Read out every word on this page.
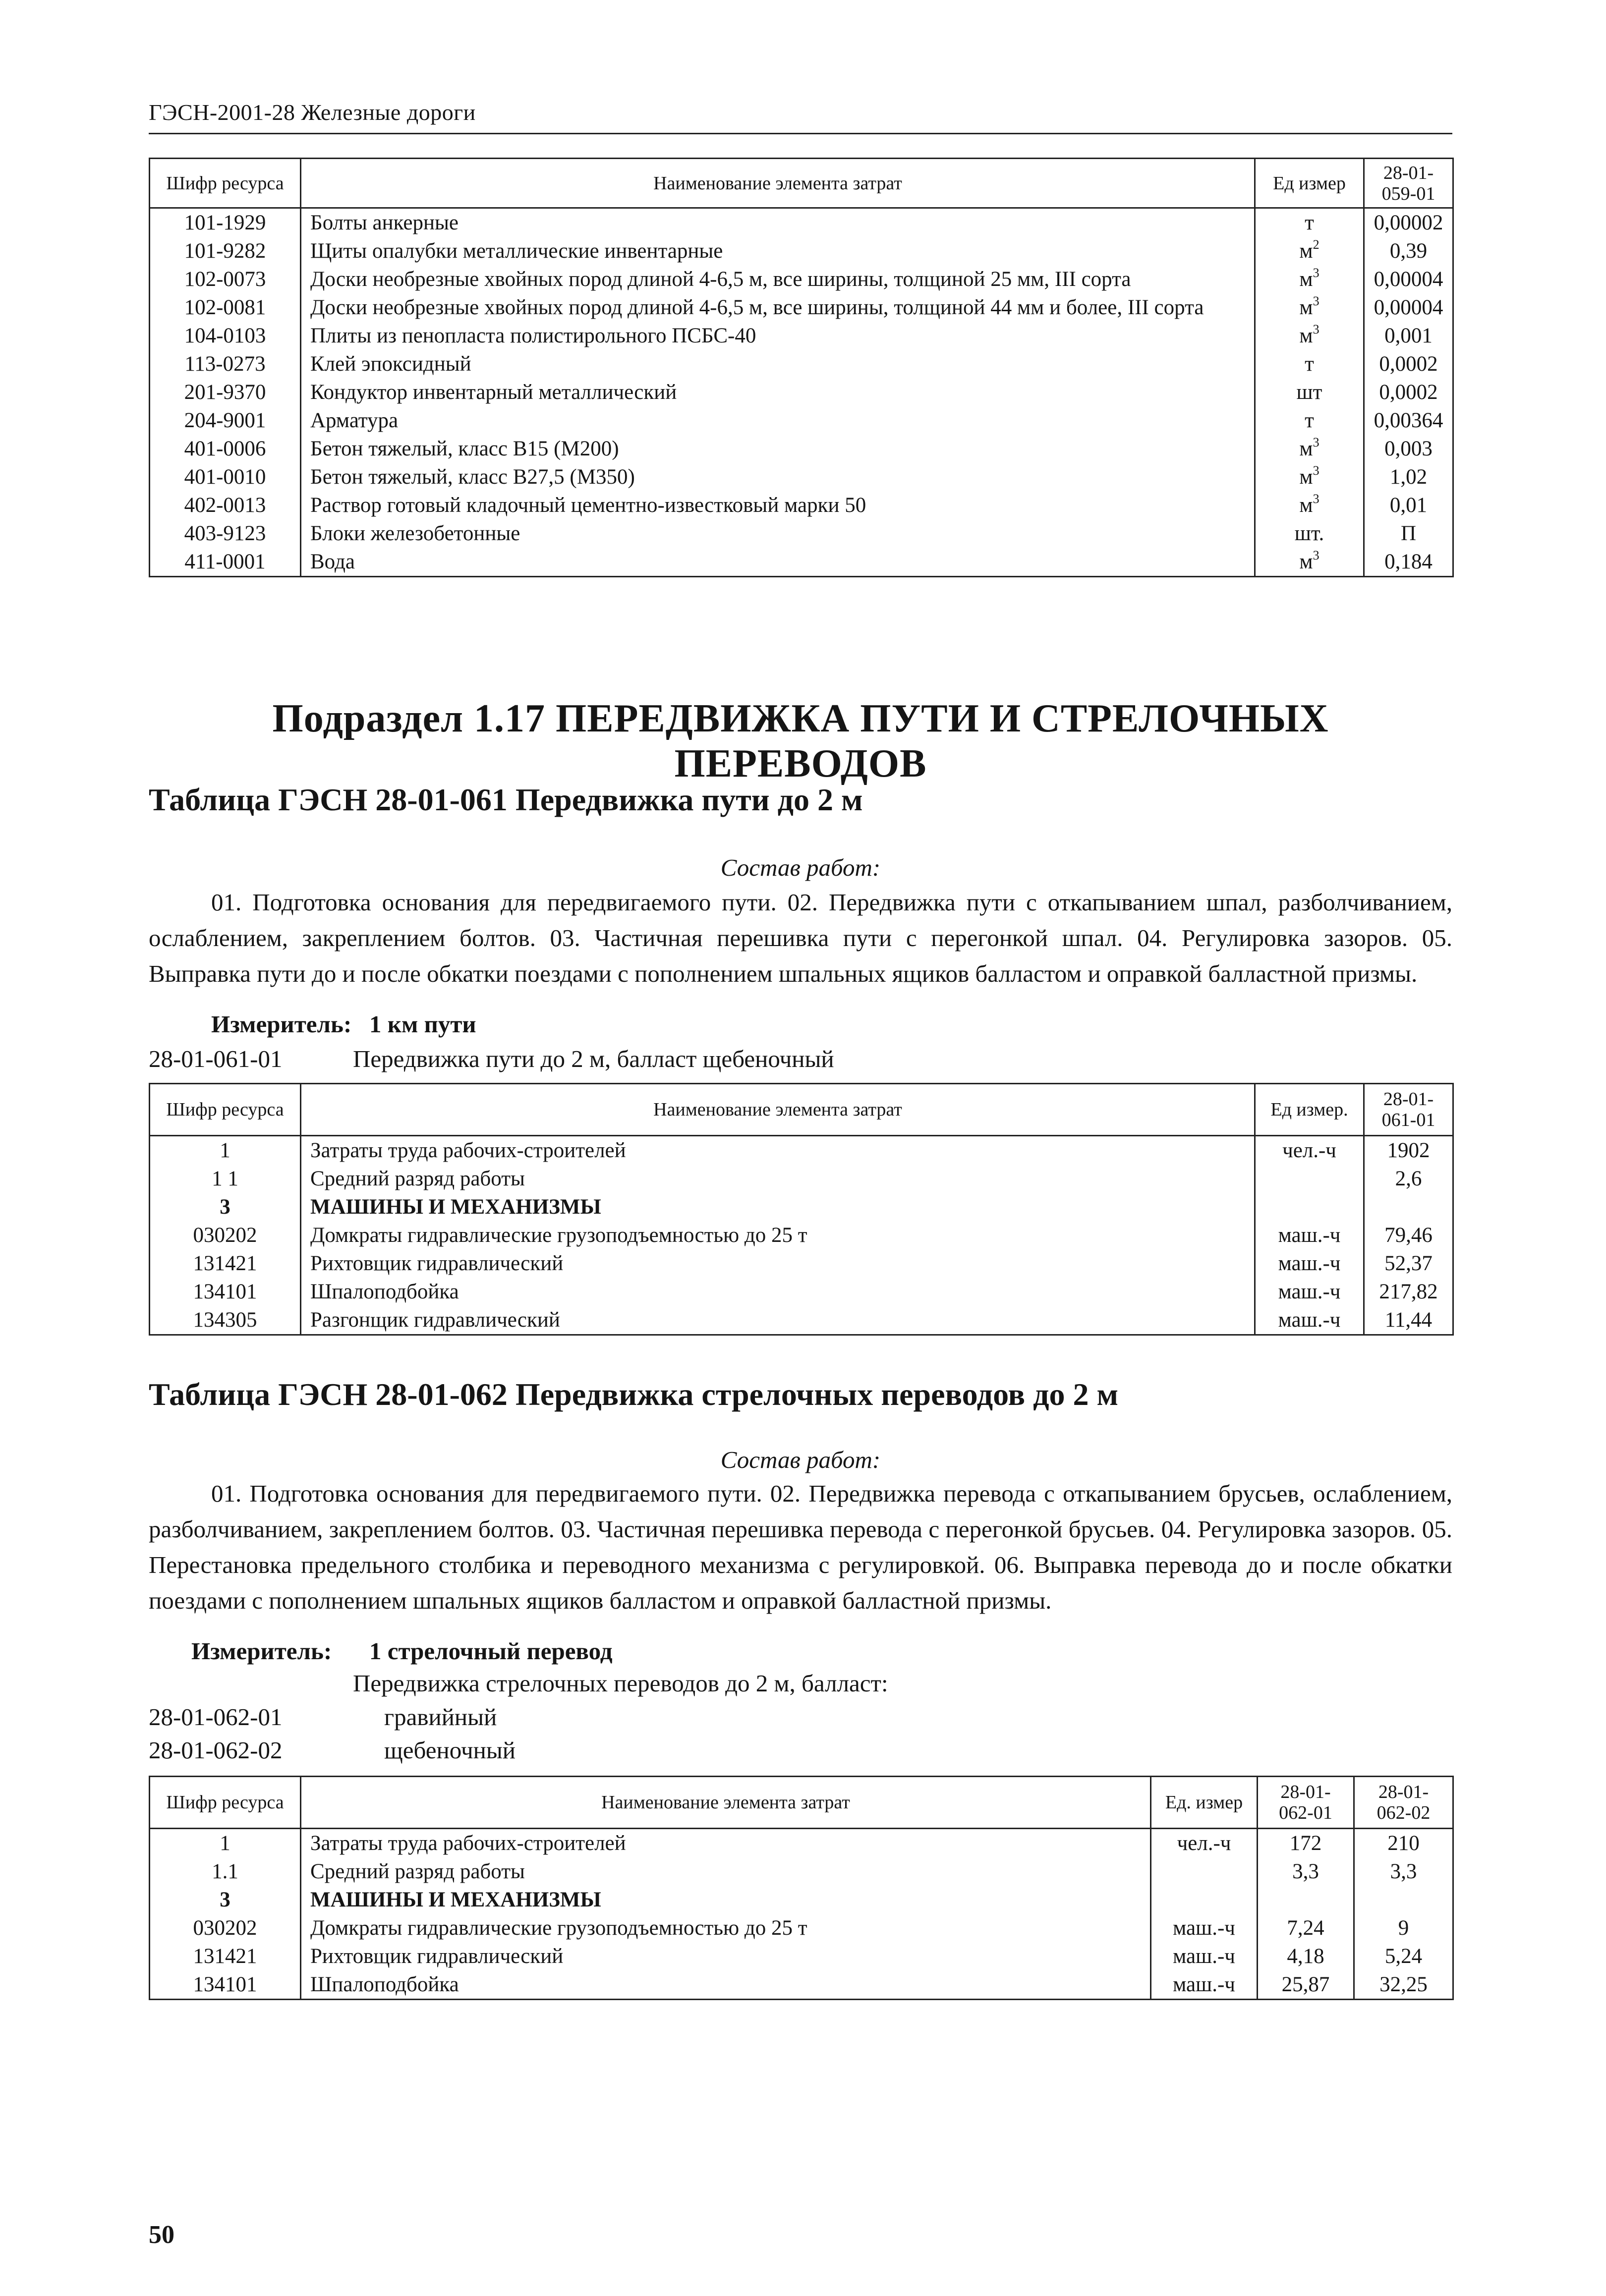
ГЭСН-2001-28 Железные дороги
Шифр ресурса	Наименование элемента затрат	Ед измер	28-01-059-01
101-1929	Болты анкерные	т	0,00002
101-9282	Щиты опалубки металлические инвентарные	$м^2$	0,39
102-0073	Доски необрезные хвойных пород длиной 4-6,5 м, все ширины, толщиной 25 мм, III сорта	$м^3$	0,00004
102-0081	Доски необрезные хвойных пород длиной 4-6,5 м, все ширины, толщиной 44 мм и более, III сорта	$м^3$	0,00004
104-0103	Плиты из пенопласта полистирольного ПСБС-40	$м^3$	0,001
113-0273	Клей эпоксидный	т	0,0002
201-9370	Кондуктор инвентарный металлический	шт	0,0002
204-9001	Арматура	т	0,00364
401-0006	Бетон тяжелый, класс В15 (М200)	$м^3$	0,003
401-0010	Бетон тяжелый, класс В27,5 (М350)	$м^3$	1,02
402-0013	Раствор готовый кладочный цементно-известковый марки 50	$м^3$	0,01
403-9123	Блоки железобетонные	шт.	П
411-0001	Вода	$м^3$	0,184
Подраздел 1.17 ПЕРЕДВИЖКА ПУТИ И СТРЕЛОЧНЫХ ПЕРЕВОДОВ
Таблица ГЭСН 28-01-061 Передвижка пути до 2 м
Состав работ:
01. Подготовка основания для передвигаемого пути. 02. Передвижка пути с откапыванием шпал, разболчиванием, ослаблением, закреплением болтов. 03. Частичная перешивка пути с перегонкой шпал. 04. Регулировка зазоров. 05. Выправка пути до и после обкатки поездами с пополнением шпальных ящиков балластом и оправкой балластной призмы.
Измеритель: 1 км пути
28-01-061-01	Передвижка пути до 2 м, балласт щебеночный
Шифр ресурса	Наименование элемента затрат	Ед измер.	28-01-061-01
1	Затраты труда рабочих-строителей	чел.-ч	1902
1 1	Средний разряд работы		2,6
3	МАШИНЫ И МЕХАНИЗМЫ		
030202	Домкраты гидравлические грузоподъемностью до 25 т	маш.-ч	79,46
131421	Рихтовщик гидравлический	маш.-ч	52,37
134101	Шпалоподбойка	маш.-ч	217,82
134305	Разгонщик гидравлический	маш.-ч	11,44
Таблица ГЭСН 28-01-062 Передвижка стрелочных переводов до 2 м
Состав работ:
01. Подготовка основания для передвигаемого пути. 02. Передвижка перевода с откапыванием брусьев, ослаблением, разболчиванием, закреплением болтов. 03. Частичная перешивка перевода с перегонкой брусьев. 04. Регулировка зазоров. 05. Перестановка предельного столбика и переводного механизма с регулировкой. 06. Выправка перевода до и после обкатки поездами с пополнением шпальных ящиков балластом и оправкой балластной призмы.
Измеритель: 1 стрелочный перевод
Передвижка стрелочных переводов до 2 м, балласт:
28-01-062-01	гравийный
28-01-062-02	щебеночный
Шифр ресурса	Наименование элемента затрат	Ед. измер	28-01-062-01	28-01-062-02
1	Затраты труда рабочих-строителей	чел.-ч	172	210
1.1	Средний разряд работы		3,3	3,3
3	МАШИНЫ И МЕХАНИЗМЫ			
030202	Домкраты гидравлические грузоподъемностью до 25 т	маш.-ч	7,24	9
131421	Рихтовщик гидравлический	маш.-ч	4,18	5,24
134101	Шпалоподбойка	маш.-ч	25,87	32,25
50
